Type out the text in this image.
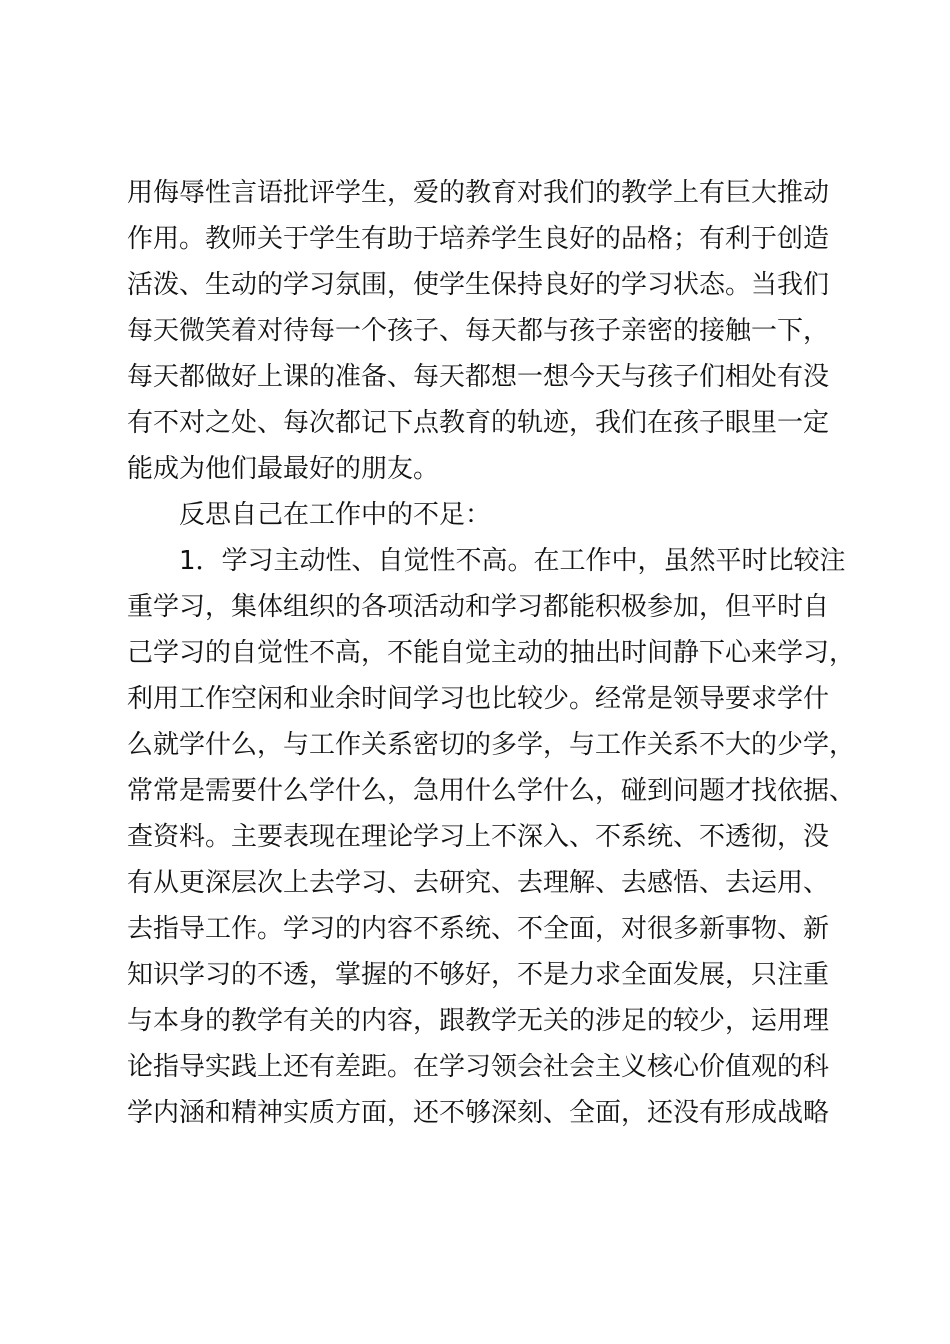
用侮辱性言语批评学生，爱的教育对我们的教学上有巨大推动
作用。教师关于学生有助于培养学生良好的品格；有利于创造
活泼、生动的学习氛围，使学生保持良好的学习状态。当我们
每天微笑着对待每一个孩子、每天都与孩子亲密的接触一下，
每天都做好上课的准备、每天都想一想今天与孩子们相处有没
有不对之处、每次都记下点教育的轨迹，我们在孩子眼里一定
能成为他们最最好的朋友。
反思自己在工作中的不足：
1．学习主动性、自觉性不高。在工作中，虽然平时比较注
重学习，集体组织的各项活动和学习都能积极参加，但平时自
己学习的自觉性不高，不能自觉主动的抽出时间静下心来学习，
利用工作空闲和业余时间学习也比较少。经常是领导要求学什
么就学什么，与工作关系密切的多学，与工作关系不大的少学，
常常是需要什么学什么，急用什么学什么，碰到问题才找依据、
查资料。主要表现在理论学习上不深入、不系统、不透彻，没
有从更深层次上去学习、去研究、去理解、去感悟、去运用、
去指导工作。学习的内容不系统、不全面，对很多新事物、新
知识学习的不透，掌握的不够好，不是力求全面发展，只注重
与本身的教学有关的内容，跟教学无关的涉足的较少，运用理
论指导实践上还有差距。在学习领会社会主义核心价值观的科
学内涵和精神实质方面，还不够深刻、全面，还没有形成战略
